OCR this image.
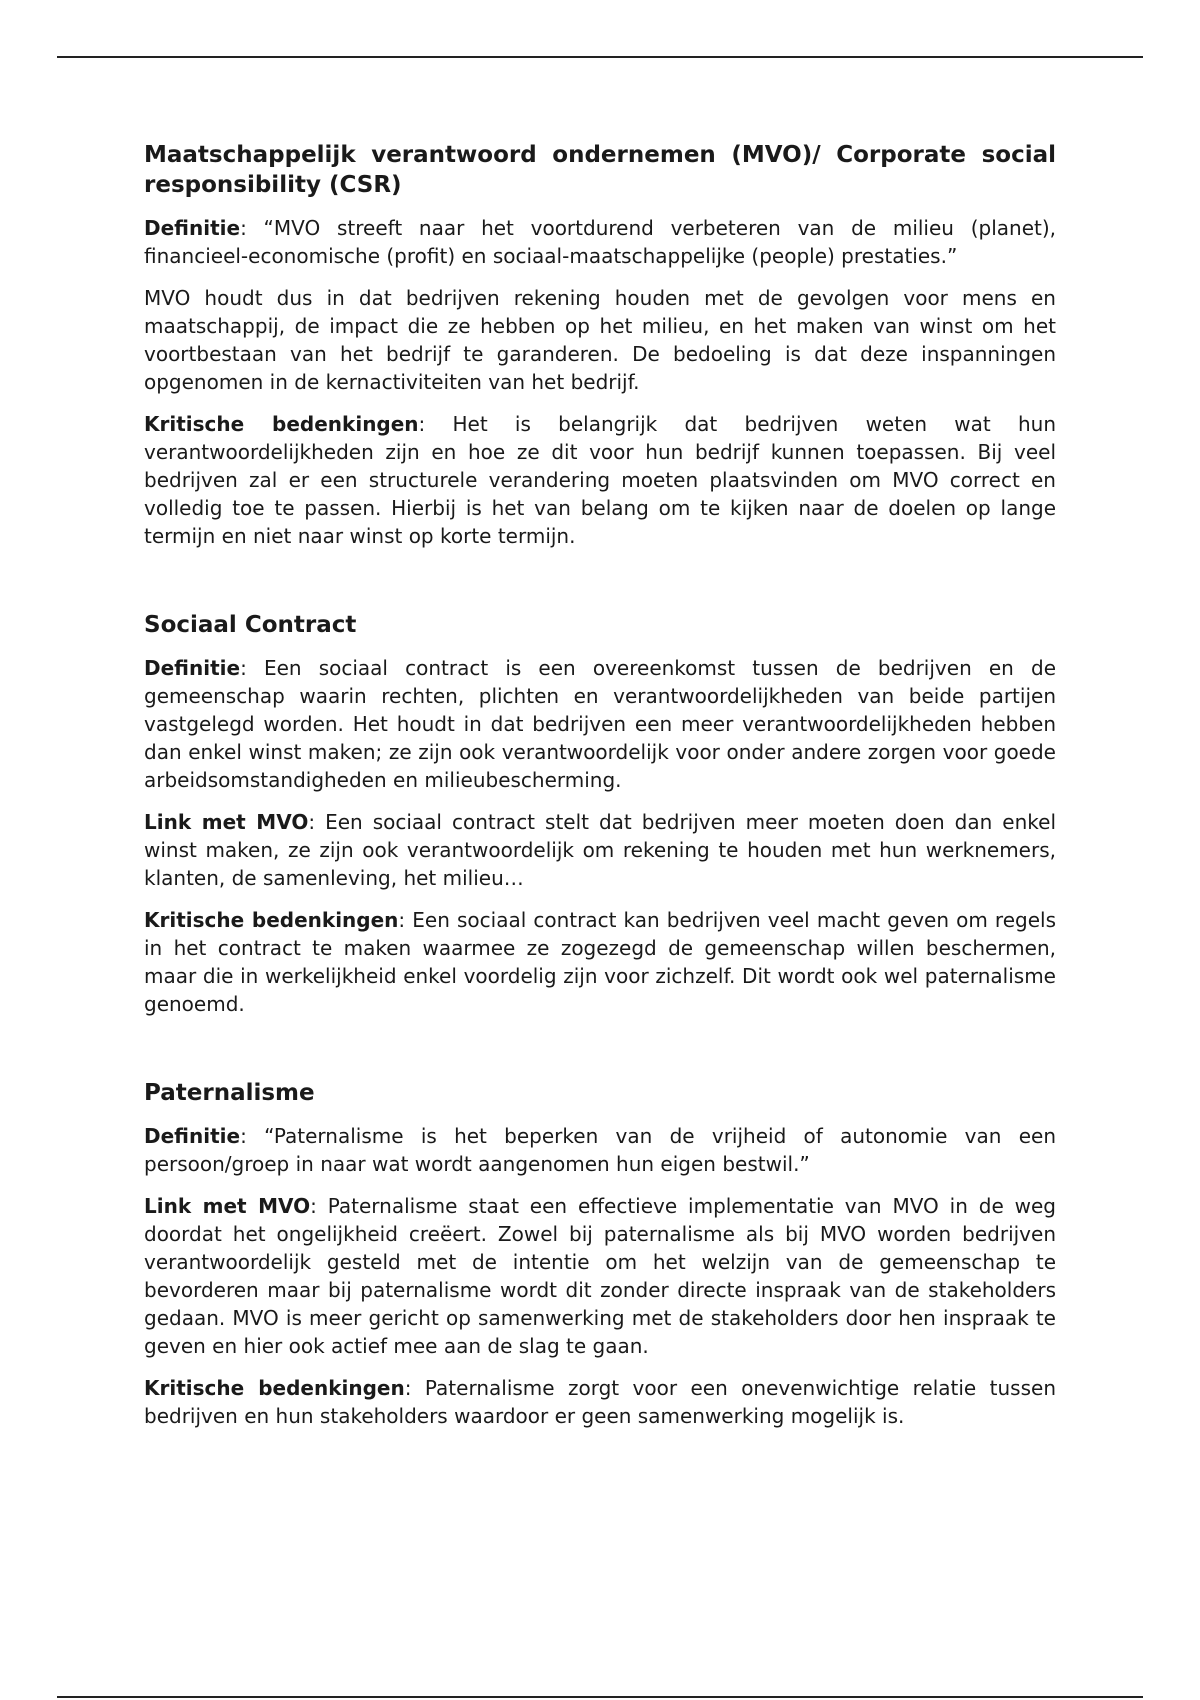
Maatschappelijk verantwoord ondernemen (MVO)/ Corporate social responsibility (CSR)

Definitie: “MVO streeft naar het voortdurend verbeteren van de milieu (planet), financieel-economische (profit) en sociaal-maatschappelijke (people) prestaties.”

MVO houdt dus in dat bedrijven rekening houden met de gevolgen voor mens en maatschappij, de impact die ze hebben op het milieu, en het maken van winst om het voortbestaan van het bedrijf te garanderen. De bedoeling is dat deze inspanningen opgenomen in de kernactiviteiten van het bedrijf.

Kritische bedenkingen: Het is belangrijk dat bedrijven weten wat hun verantwoordelijkheden zijn en hoe ze dit voor hun bedrijf kunnen toepassen. Bij veel bedrijven zal er een structurele verandering moeten plaatsvinden om MVO correct en volledig toe te passen. Hierbij is het van belang om te kijken naar de doelen op lange termijn en niet naar winst op korte termijn.

Sociaal Contract

Definitie: Een sociaal contract is een overeenkomst tussen de bedrijven en de gemeenschap waarin rechten, plichten en verantwoordelijkheden van beide partijen vastgelegd worden. Het houdt in dat bedrijven een meer verantwoordelijkheden hebben dan enkel winst maken; ze zijn ook verantwoordelijk voor onder andere zorgen voor goede arbeidsomstandigheden en milieubescherming.

Link met MVO: Een sociaal contract stelt dat bedrijven meer moeten doen dan enkel winst maken, ze zijn ook verantwoordelijk om rekening te houden met hun werknemers, klanten, de samenleving, het milieu…

Kritische bedenkingen: Een sociaal contract kan bedrijven veel macht geven om regels in het contract te maken waarmee ze zogezegd de gemeenschap willen beschermen, maar die in werkelijkheid enkel voordelig zijn voor zichzelf. Dit wordt ook wel paternalisme genoemd.

Paternalisme

Definitie: “Paternalisme is het beperken van de vrijheid of autonomie van een persoon/groep in naar wat wordt aangenomen hun eigen bestwil.”

Link met MVO: Paternalisme staat een effectieve implementatie van MVO in de weg doordat het ongelijkheid creëert. Zowel bij paternalisme als bij MVO worden bedrijven verantwoordelijk gesteld met de intentie om het welzijn van de gemeenschap te bevorderen maar bij paternalisme wordt dit zonder directe inspraak van de stakeholders gedaan. MVO is meer gericht op samenwerking met de stakeholders door hen inspraak te geven en hier ook actief mee aan de slag te gaan.

Kritische bedenkingen: Paternalisme zorgt voor een onevenwichtige relatie tussen bedrijven en hun stakeholders waardoor er geen samenwerking mogelijk is.
